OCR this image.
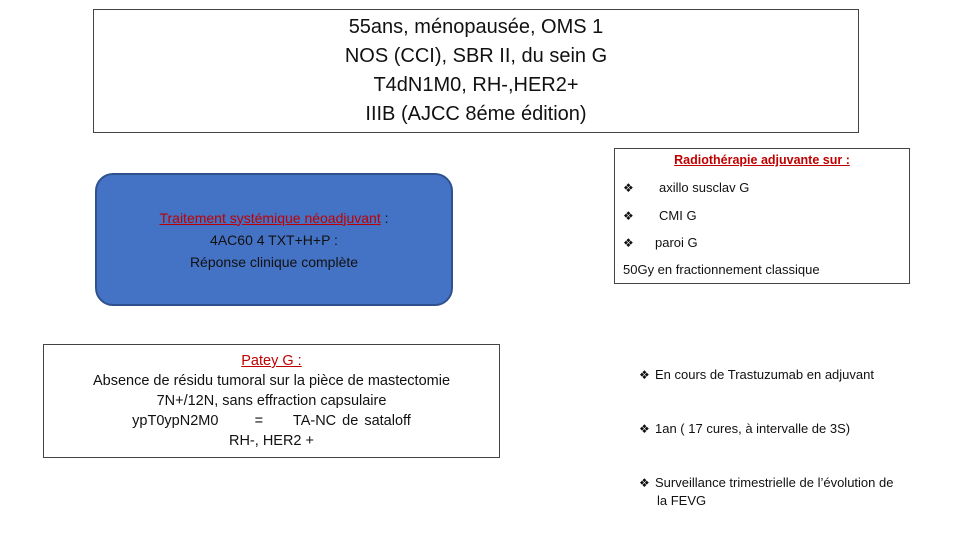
55ans, ménopausée, OMS 1
NOS (CCI), SBR II, du sein G
T4dN1M0, RH-,HER2+
IIIB (AJCC 8éme édition)
Traitement systémique néoadjuvant :
4AC60 4 TXT+H+P :
Réponse clinique complète
Patey G :
Absence de résidu tumoral sur la pièce de mastectomie
7N+/12N, sans effraction capsulaire
ypT0ypN2M0      =     TA-NC de sataloff
RH-, HER2 +
Radiothérapie adjuvante sur :
❖	axillo susclav G
❖	CMI G
❖	paroi G
50Gy en fractionnement classique
❖ En cours de Trastuzumab en adjuvant
❖ 1an ( 17 cures, à intervalle de 3S)
❖ Surveillance trimestrielle de l’évolution de
la FEVG
